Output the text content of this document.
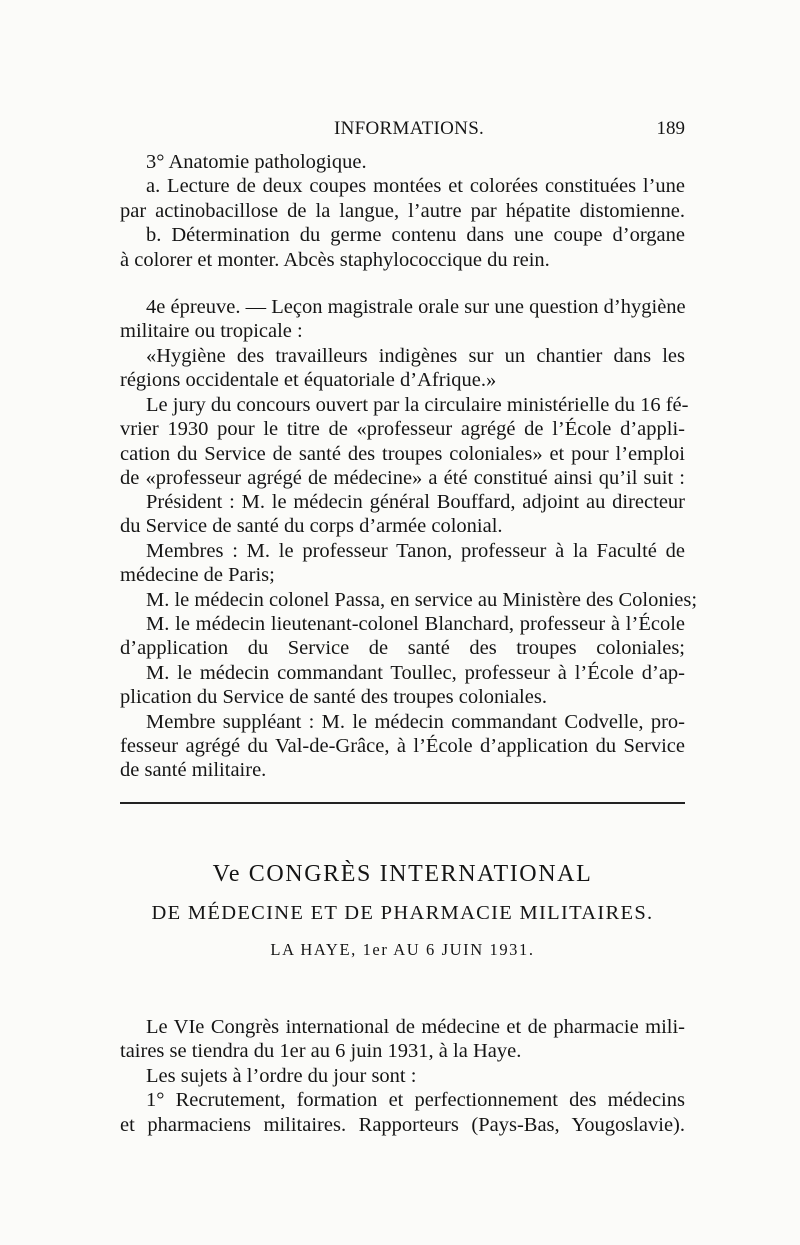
INFORMATIONS.	189
3° Anatomie pathologique.
a. Lecture de deux coupes montées et colorées constituées l’une
par actinobacillose de la langue, l’autre par hépatite distomienne.
b. Détermination du germe contenu dans une coupe d’organe
à colorer et monter. Abcès staphylococcique du rein.
4e épreuve. — Leçon magistrale orale sur une question d’hygiène
militaire ou tropicale :
«Hygiène des travailleurs indigènes sur un chantier dans les
régions occidentale et équatoriale d’Afrique.»
Le jury du concours ouvert par la circulaire ministérielle du 16 fé-
vrier 1930 pour le titre de «professeur agrégé de l’École d’appli-
cation du Service de santé des troupes coloniales» et pour l’emploi
de «professeur agrégé de médecine» a été constitué ainsi qu’il suit :
Président : M. le médecin général Bouffard, adjoint au directeur
du Service de santé du corps d’armée colonial.
Membres : M. le professeur Tanon, professeur à la Faculté de
médecine de Paris;
M. le médecin colonel Passa, en service au Ministère des Colonies;
M. le médecin lieutenant-colonel Blanchard, professeur à l’École
d’application du Service de santé des troupes coloniales;
M. le médecin commandant Toullec, professeur à l’École d’ap-
plication du Service de santé des troupes coloniales.
Membre suppléant : M. le médecin commandant Codvelle, pro-
fesseur agrégé du Val-de-Grâce, à l’École d’application du Service
de santé militaire.
Ve CONGRÈS INTERNATIONAL
DE MÉDECINE ET DE PHARMACIE MILITAIRES.
LA HAYE, 1er AU 6 JUIN 1931.
Le VIe Congrès international de médecine et de pharmacie mili-
taires se tiendra du 1er au 6 juin 1931, à la Haye.
Les sujets à l’ordre du jour sont :
1° Recrutement, formation et perfectionnement des médecins
et pharmaciens militaires. Rapporteurs (Pays-Bas, Yougoslavie).
